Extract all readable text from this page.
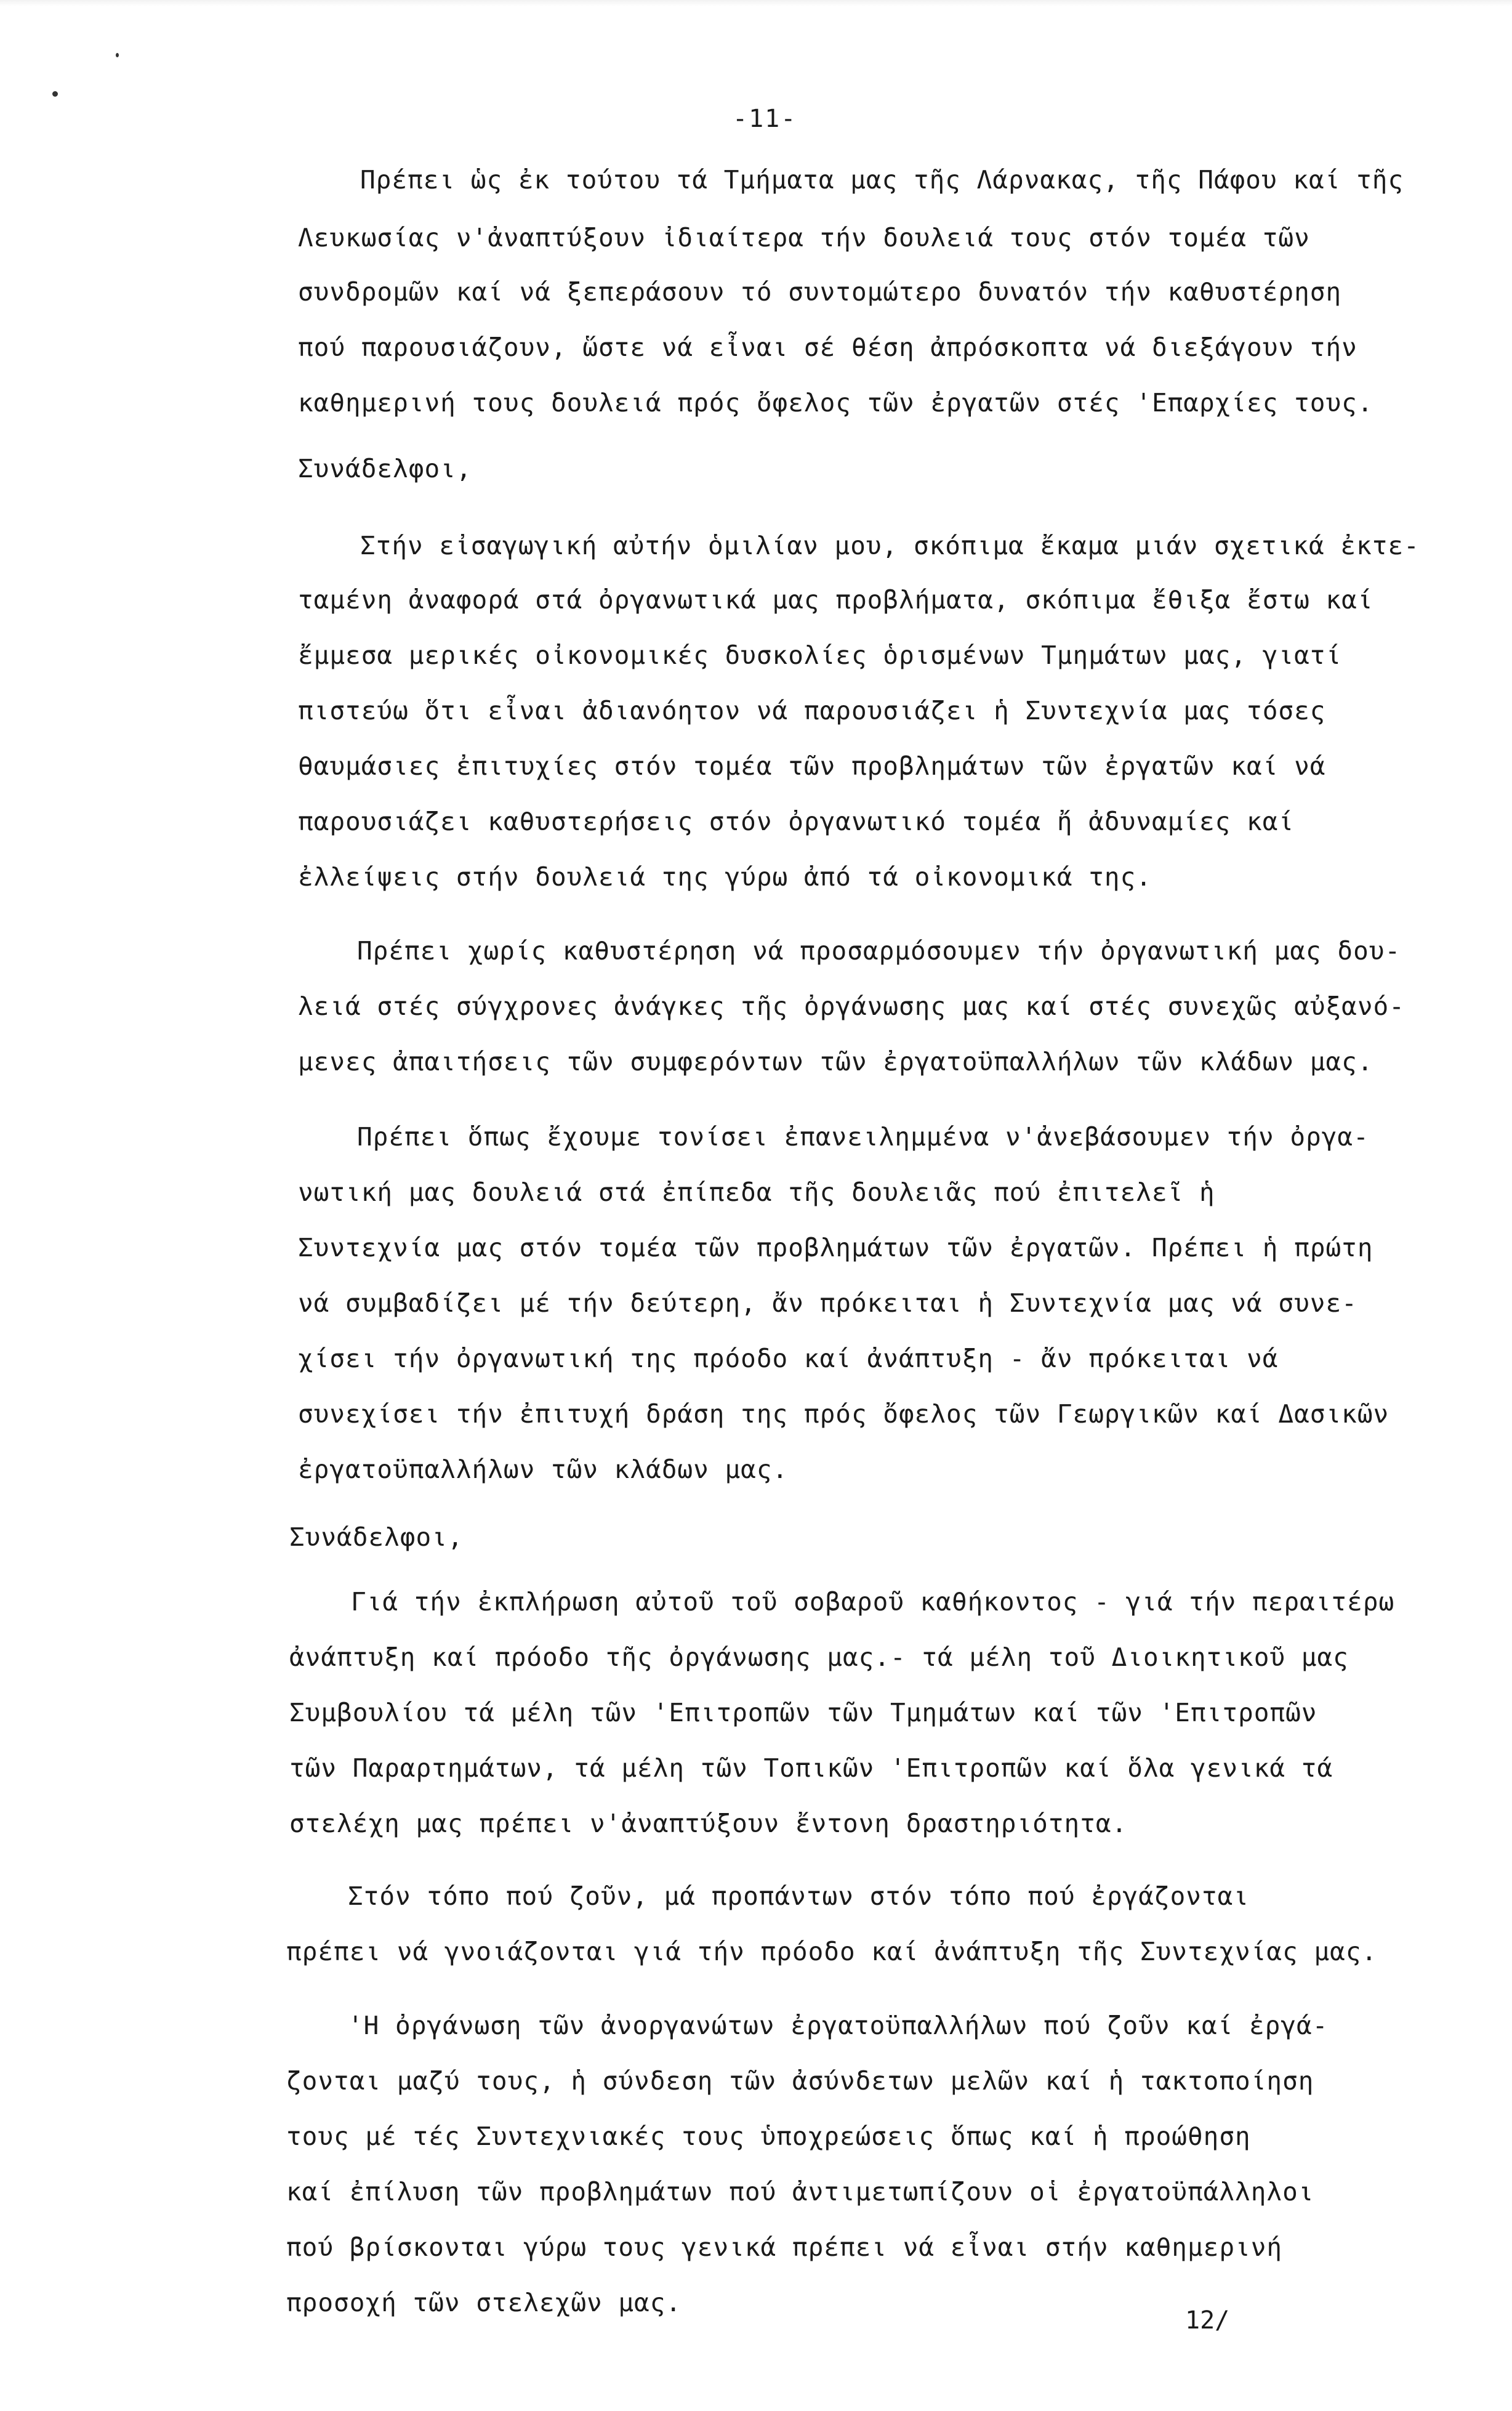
-11-
Πρέπει ὡς ἐκ τούτου τά Τμήματα μας τῆς Λάρνακας, τῆς Πάφου καί τῆς
Λευκωσίας ν'ἀναπτύξουν ἰδιαίτερα τήν δουλειά τους στόν τομέα τῶν
συνδρομῶν καί νά ξεπεράσουν τό συντομώτερο δυνατόν τήν καθυστέρηση
πού παρουσιάζουν, ὥστε νά εἶναι σέ θέση ἀπρόσκοπτα νά διεξάγουν τήν
καθημερινή τους δουλειά πρός ὄφελος τῶν ἐργατῶν στές 'Επαρχίες τους.
Συνάδελφοι,
Στήν εἰσαγωγική αὐτήν ὁμιλίαν μου, σκόπιμα ἔκαμα μιάν σχετικά ἐκτε-
ταμένη ἀναφορά στά ὀργανωτικά μας προβλήματα, σκόπιμα ἔθιξα ἔστω καί
ἔμμεσα μερικές οἰκονομικές δυσκολίες ὁρισμένων Τμημάτων μας, γιατί
πιστεύω ὅτι εἶναι ἀδιανόητον νά παρουσιάζει ἡ Συντεχνία μας τόσες
θαυμάσιες ἐπιτυχίες στόν τομέα τῶν προβλημάτων τῶν ἐργατῶν καί νά
παρουσιάζει καθυστερήσεις στόν ὀργανωτικό τομέα ἤ ἀδυναμίες καί
ἐλλείψεις στήν δουλειά της γύρω ἀπό τά οἰκονομικά της.
Πρέπει χωρίς καθυστέρηση νά προσαρμόσουμεν τήν ὀργανωτική μας δου-
λειά στές σύγχρονες ἀνάγκες τῆς ὀργάνωσης μας καί στές συνεχῶς αὐξανό-
μενες ἀπαιτήσεις τῶν συμφερόντων τῶν ἐργατοϋπαλλήλων τῶν κλάδων μας.
Πρέπει ὅπως ἔχουμε τονίσει ἐπανειλημμένα ν'ἀνεβάσουμεν τήν ὀργα-
νωτική μας δουλειά στά ἐπίπεδα τῆς δουλειᾶς πού ἐπιτελεῖ ἡ
Συντεχνία μας στόν τομέα τῶν προβλημάτων τῶν ἐργατῶν. Πρέπει ἡ πρώτη
νά συμβαδίζει μέ τήν δεύτερη, ἄν πρόκειται ἡ Συντεχνία μας νά συνε-
χίσει τήν ὀργανωτική της πρόοδο καί ἀνάπτυξη - ἄν πρόκειται νά
συνεχίσει τήν ἐπιτυχή δράση της πρός ὄφελος τῶν Γεωργικῶν καί Δασικῶν
ἐργατοϋπαλλήλων τῶν κλάδων μας.
Συνάδελφοι,
Γιά τήν ἐκπλήρωση αὐτοῦ τοῦ σοβαροῦ καθήκοντος - γιά τήν περαιτέρω
ἀνάπτυξη καί πρόοδο τῆς ὀργάνωσης μας.- τά μέλη τοῦ Διοικητικοῦ μας
Συμβουλίου τά μέλη τῶν 'Επιτροπῶν τῶν Τμημάτων καί τῶν 'Επιτροπῶν
τῶν Παραρτημάτων, τά μέλη τῶν Τοπικῶν 'Επιτροπῶν καί ὅλα γενικά τά
στελέχη μας πρέπει ν'ἀναπτύξουν ἔντονη δραστηριότητα.
Στόν τόπο πού ζοῦν, μά προπάντων στόν τόπο πού ἐργάζονται
πρέπει νά γνοιάζονται γιά τήν πρόοδο καί ἀνάπτυξη τῆς Συντεχνίας μας.
'Η ὀργάνωση τῶν ἀνοργανώτων ἐργατοϋπαλλήλων πού ζοῦν καί ἐργά-
ζονται μαζύ τους, ἡ σύνδεση τῶν ἀσύνδετων μελῶν καί ἡ τακτοποίηση
τους μέ τές Συντεχνιακές τους ὑποχρεώσεις ὅπως καί ἡ προώθηση
καί ἐπίλυση τῶν προβλημάτων πού ἀντιμετωπίζουν οἱ ἐργατοϋπάλληλοι
πού βρίσκονται γύρω τους γενικά πρέπει νά εἶναι στήν καθημερινή
προσοχή τῶν στελεχῶν μας.
12/
